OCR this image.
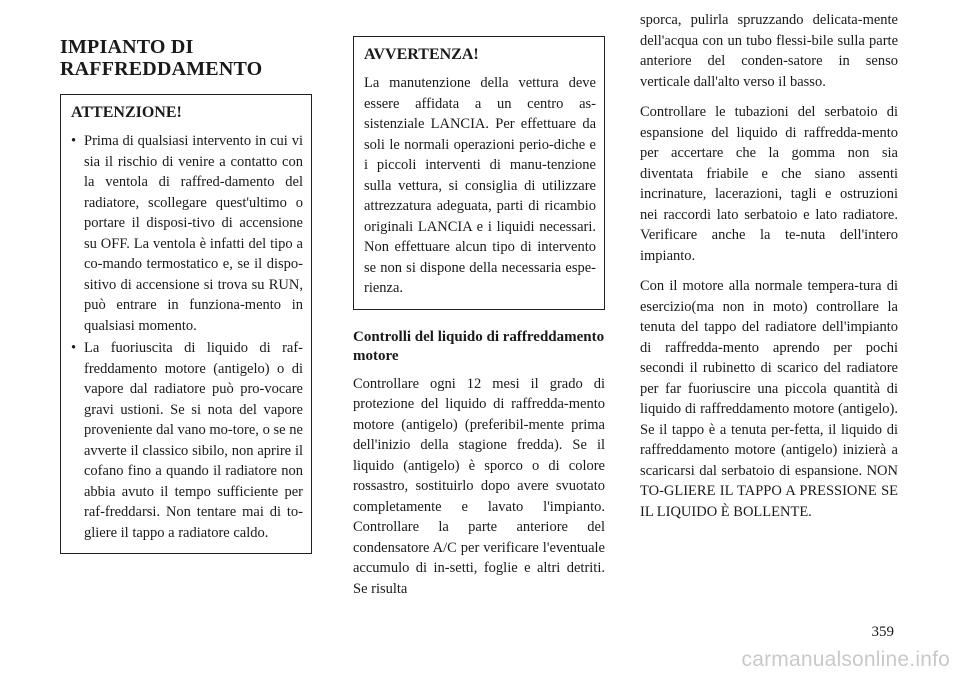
IMPIANTO DI RAFFREDDAMENTO
ATTENZIONE!
• Prima di qualsiasi intervento in cui vi sia il rischio di venire a contatto con la ventola di raffred-damento del radiatore, scollegare quest'ultimo o portare il disposi-tivo di accensione su OFF. La ventola è infatti del tipo a co-mando termostatico e, se il dispo-sitivo di accensione si trova su RUN, può entrare in funziona-mento in qualsiasi momento.
• La fuoriuscita di liquido di raf-freddamento motore (antigelo) o di vapore dal radiatore può pro-vocare gravi ustioni. Se si nota del vapore proveniente dal vano mo-tore, o se ne avverte il classico sibilo, non aprire il cofano fino a quando il radiatore non abbia avuto il tempo sufficiente per raf-freddarsi. Non tentare mai di to-gliere il tappo a radiatore caldo.
AVVERTENZA!

La manutenzione della vettura deve essere affidata a un centro as-sistenziale LANCIA. Per effettuare da soli le normali operazioni perio-diche e i piccoli interventi di manu-tenzione sulla vettura, si consiglia di utilizzare attrezzatura adeguata, parti di ricambio originali LANCIA e i liquidi necessari. Non effettuare alcun tipo di intervento se non si dispone della necessaria espe-rienza.

Controlli del liquido di raffreddamento motore

Controllare ogni 12 mesi il grado di protezione del liquido di raffredda-mento motore (antigelo) (preferibil-mente prima dell'inizio della stagione fredda). Se il liquido (antigelo) è sporco o di colore rossastro, sostituirlo dopo avere svuotato completamente e lavato l'impianto. Controllare la parte anteriore del condensatore A/C per verificare l'eventuale accumulo di in-setti, foglie e altri detriti. Se risulta

sporca, pulirla spruzzando delicata-mente dell'acqua con un tubo flessi-bile sulla parte anteriore del conden-satore in senso verticale dall'alto verso il basso.

Controllare le tubazioni del serbatoio di espansione del liquido di raffredda-mento per accertare che la gomma non sia diventata friabile e che siano assenti incrinature, lacerazioni, tagli e ostruzioni nei raccordi lato serbatoio e lato radiatore. Verificare anche la te-nuta dell'intero impianto.

Con il motore alla normale tempera-tura di esercizio(ma non in moto) controllare la tenuta del tappo del radiatore dell'impianto di raffredda-mento aprendo per pochi secondi il rubinetto di scarico del radiatore per far fuoriuscire una piccola quantità di liquido di raffreddamento motore (antigelo). Se il tappo è a tenuta per-fetta, il liquido di raffreddamento motore (antigelo) inizierà a scaricarsi dal serbatoio di espansione. NON TO-GLIERE IL TAPPO A PRESSIONE SE IL LIQUIDO È BOLLENTE.

359
carmanualsonline.info
